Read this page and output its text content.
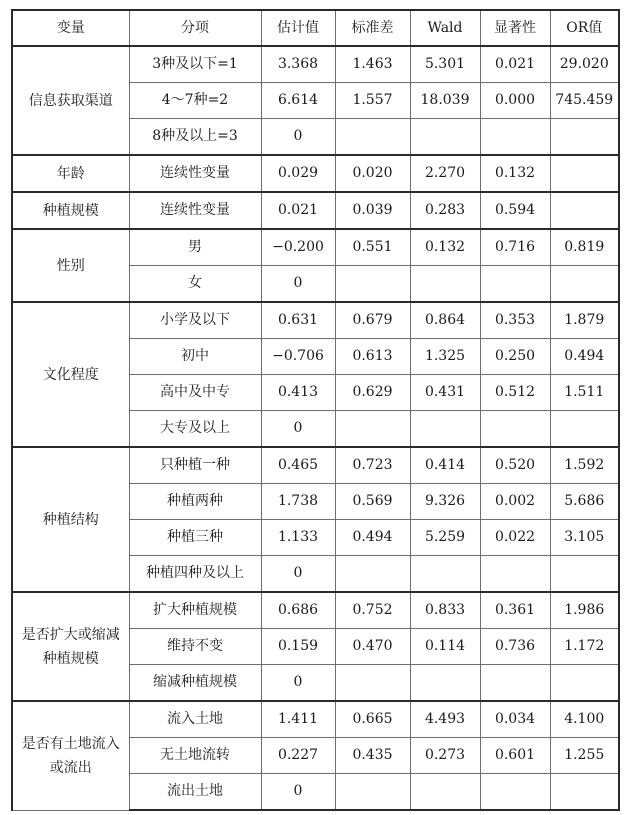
变量	分项	估计值	标准差	Wald	显著性	OR值
信息获取渠道	3种及以下=1	3.368	1.463	5.301	0.021	29.020
	4～7种=2	6.614	1.557	18.039	0.000	745.459
	8种及以上=3	0				
年龄	连续性变量	0.029	0.020	2.270	0.132	
种植规模	连续性变量	0.021	0.039	0.283	0.594	
性别	男	−0.200	0.551	0.132	0.716	0.819
	女	0				
文化程度	小学及以下	0.631	0.679	0.864	0.353	1.879
	初中	−0.706	0.613	1.325	0.250	0.494
	高中及中专	0.413	0.629	0.431	0.512	1.511
	大专及以上	0				
种植结构	只种植一种	0.465	0.723	0.414	0.520	1.592
	种植两种	1.738	0.569	9.326	0.002	5.686
	种植三种	1.133	0.494	5.259	0.022	3.105
	种植四种及以上	0				
是否扩大或缩减种植规模	扩大种植规模	0.686	0.752	0.833	0.361	1.986
	维持不变	0.159	0.470	0.114	0.736	1.172
	缩减种植规模	0				
是否有土地流入或流出	流入土地	1.411	0.665	4.493	0.034	4.100
	无土地流转	0.227	0.435	0.273	0.601	1.255
	流出土地	0				
